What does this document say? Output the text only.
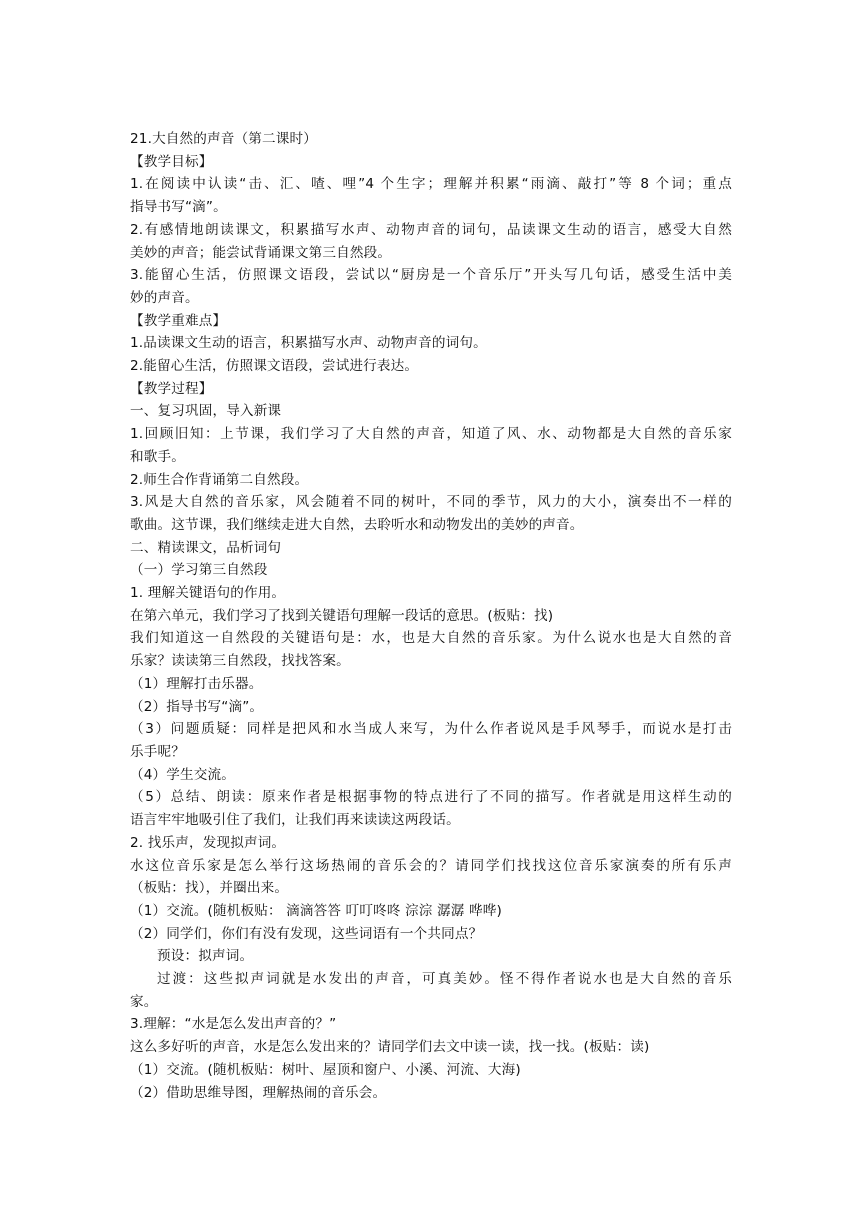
21.大自然的声音（第二课时）
【教学目标】
1.在阅读中认读“击、汇、喳、哩”4 个生字；理解并积累“雨滴、敲打”等 8 个词；重点
指导书写“滴”。
2.有感情地朗读课文，积累描写水声、动物声音的词句，品读课文生动的语言，感受大自然
美妙的声音；能尝试背诵课文第三自然段。
3.能留心生活，仿照课文语段，尝试以“厨房是一个音乐厅”开头写几句话，感受生活中美
妙的声音。
【教学重难点】
1.品读课文生动的语言，积累描写水声、动物声音的词句。
2.能留心生活，仿照课文语段，尝试进行表达。
【教学过程】
一、复习巩固，导入新课
1.回顾旧知：上节课，我们学习了大自然的声音，知道了风、水、动物都是大自然的音乐家
和歌手。
2.师生合作背诵第二自然段。
3.风是大自然的音乐家，风会随着不同的树叶，不同的季节，风力的大小，演奏出不一样的
歌曲。这节课，我们继续走进大自然，去聆听水和动物发出的美妙的声音。
二、精读课文，品析词句
（一）学习第三自然段
1. 理解关键语句的作用。
在第六单元，我们学习了找到关键语句理解一段话的意思。(板贴：找)
我们知道这一自然段的关键语句是：水，也是大自然的音乐家。为什么说水也是大自然的音
乐家？读读第三自然段，找找答案。
（1）理解打击乐器。
（2）指导书写“滴”。
（3）问题质疑：同样是把风和水当成人来写，为什么作者说风是手风琴手，而说水是打击
乐手呢？
（4）学生交流。
（5）总结、朗读：原来作者是根据事物的特点进行了不同的描写。作者就是用这样生动的
语言牢牢地吸引住了我们，让我们再来读读这两段话。
2. 找乐声，发现拟声词。
水这位音乐家是怎么举行这场热闹的音乐会的？请同学们找找这位音乐家演奏的所有乐声
（板贴：找），并圈出来。
（1）交流。(随机板贴： 滴滴答答 叮叮咚咚 淙淙 潺潺 哗哗)
（2）同学们，你们有没有发现，这些词语有一个共同点？
预设：拟声词。
过渡：这些拟声词就是水发出的声音，可真美妙。怪不得作者说水也是大自然的音乐
家。
3.理解：“水是怎么发出声音的？”
这么多好听的声音，水是怎么发出来的？请同学们去文中读一读，找一找。(板贴：读)
（1）交流。(随机板贴：树叶、屋顶和窗户、小溪、河流、大海)
（2）借助思维导图，理解热闹的音乐会。
